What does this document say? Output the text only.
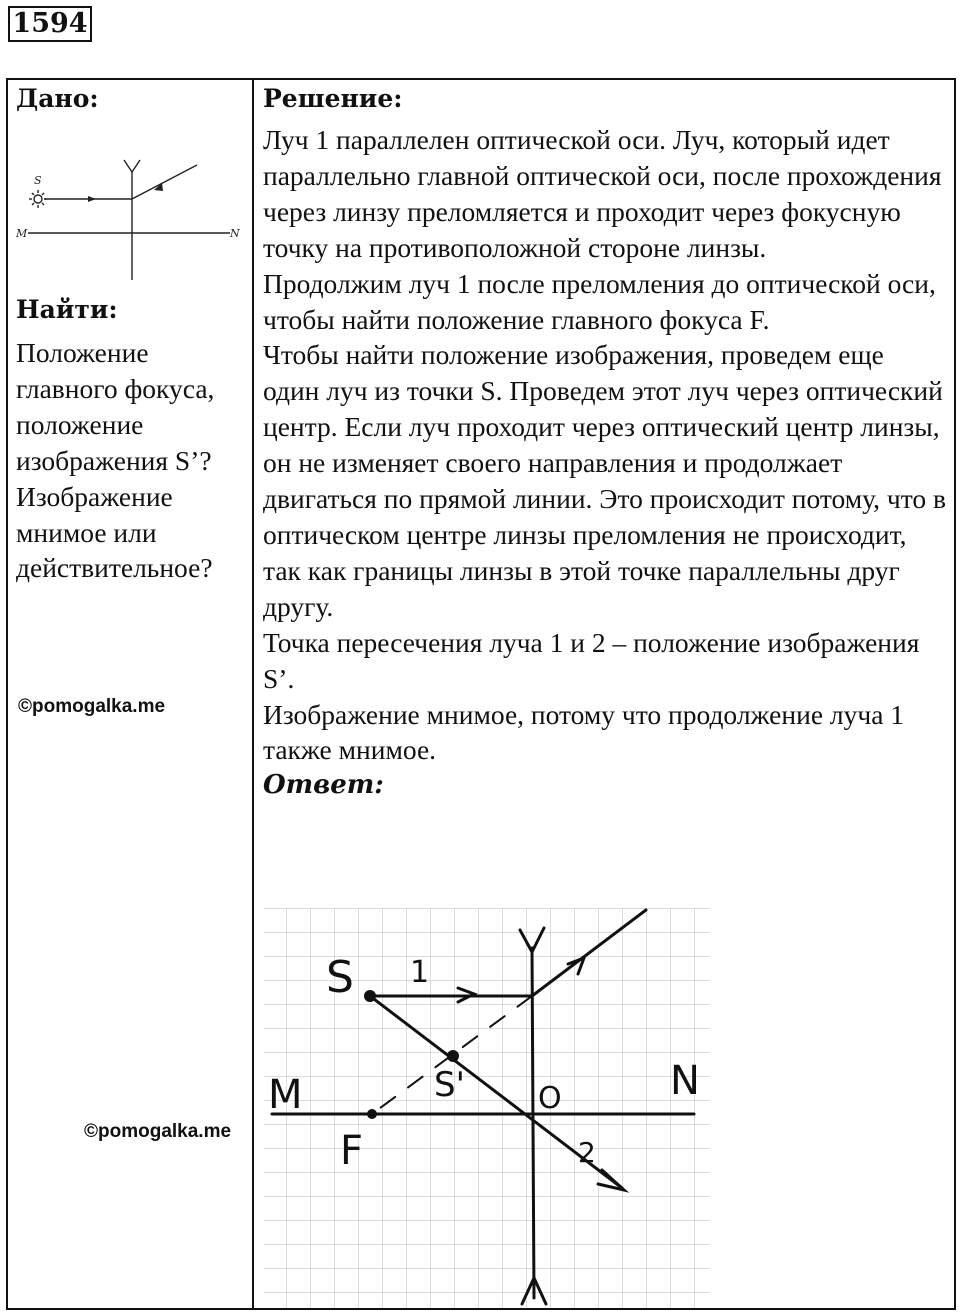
1594

Дано:

S
M	N

Найти:

Положение главного фокуса, положение изображения S’? Изображение мнимое или действительное?
©pomogalka.me
©pomogalka.me

Решение:

Луч 1 параллелен оптической оси. Луч, который идет параллельно главной оптической оси, после прохождения через линзу преломляется и проходит через фокусную точку на противоположной стороне линзы.

Продолжим луч 1 после преломления до оптической оси, чтобы найти положение главного фокуса F.

Чтобы найти положение изображения, проведем еще один луч из точки S. Проведем этот луч через оптический центр. Если луч проходит через оптический центр линзы, он не изменяет своего направления и продолжает двигаться по прямой линии. Это происходит потому, что в оптическом центре линзы преломления не происходит, так как границы линзы в этой точке параллельны друг другу.

Точка пересечения луча 1 и 2 – положение изображения S’.

Изображение мнимое, потому что продолжение луча 1 также мнимое.

Ответ:

S 1
S' O
M	N
F	2
